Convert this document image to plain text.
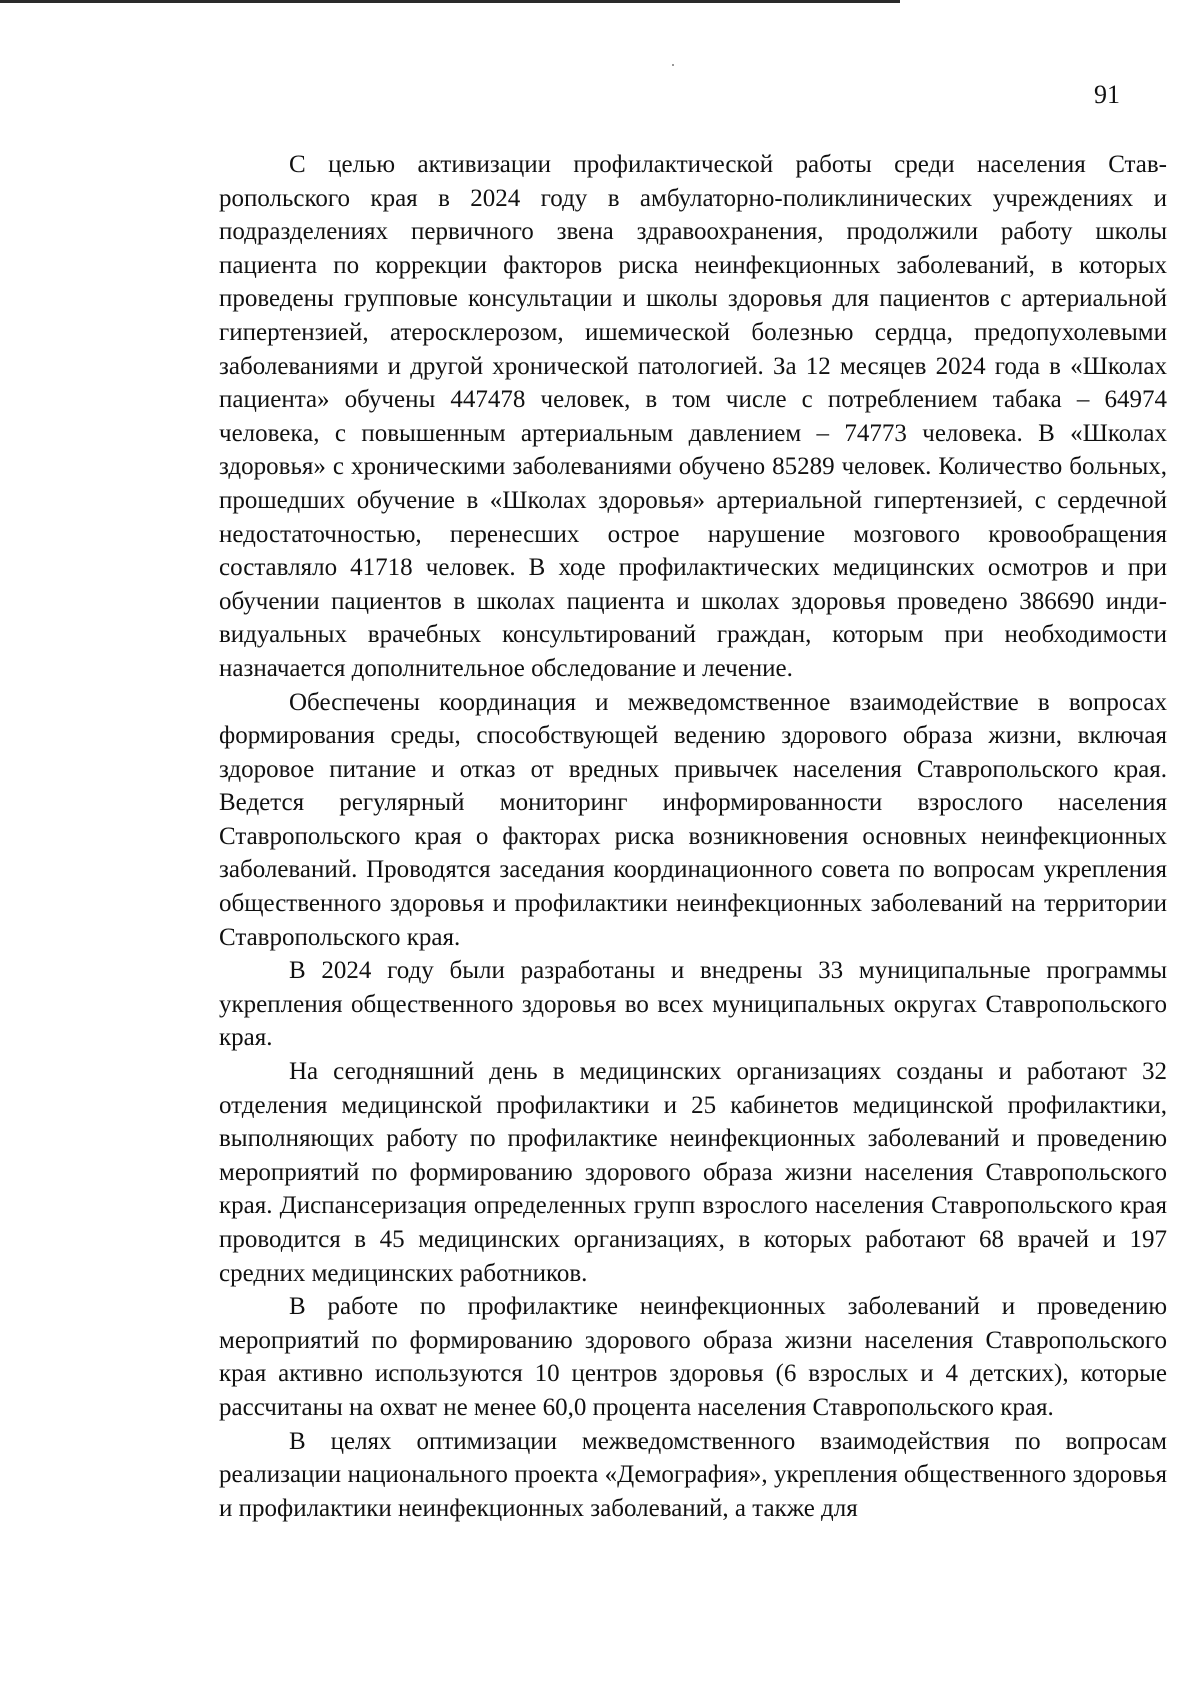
91

С целью активизации профилактической работы среди населения Ставропольского края в 2024 году в амбулаторно-поликлинических учреждениях и подразделениях первичного звена здравоохранения, продолжили работу школы пациента по коррекции факторов риска неинфекционных заболеваний, в которых проведены групповые консультации и школы здоровья для пациентов с артериальной гипертензией, атеросклерозом, ишемической болезнью сердца, предопухолевыми заболеваниями и другой хронической патологией. За 12 месяцев 2024 года в «Школах пациента» обучены 447478 человек, в том числе с потреблением табака – 64974 человека, с повышенным артериальным давлением – 74773 человека. В «Школах здоровья» с хроническими заболеваниями обучено 85289 человек. Количество больных, прошедших обучение в «Школах здоровья» артериальной гипертензией, с сердечной недостаточностью, перенесших острое нарушение мозгового кровообращения составляло 41718 человек. В ходе профилактических медицинских осмотров и при обучении пациентов в школах пациента и школах здоровья проведено 386690 индивидуальных врачебных консультирований граждан, которым при необходимости назначается дополнительное обследование и лечение.

Обеспечены координация и межведомственное взаимодействие в вопросах формирования среды, способствующей ведению здорового образа жизни, включая здоровое питание и отказ от вредных привычек населения Ставропольского края. Ведется регулярный мониторинг информированности взрослого населения Ставропольского края о факторах риска возникновения основных неинфекционных заболеваний. Проводятся заседания координационного совета по вопросам укрепления общественного здоровья и профилактики неинфекционных заболеваний на территории Ставропольского края.

В 2024 году были разработаны и внедрены 33 муниципальные программы укрепления общественного здоровья во всех муниципальных округах Ставропольского края.

На сегодняшний день в медицинских организациях созданы и работают 32 отделения медицинской профилактики и 25 кабинетов медицинской профилактики, выполняющих работу по профилактике неинфекционных заболеваний и проведению мероприятий по формированию здорового образа жизни населения Ставропольского края. Диспансеризация определенных групп взрослого населения Ставропольского края проводится в 45 медицинских организациях, в которых работают 68 врачей и 197 средних медицинских работников.

В работе по профилактике неинфекционных заболеваний и проведению мероприятий по формированию здорового образа жизни населения Ставропольского края активно используются 10 центров здоровья (6 взрослых и 4 детских), которые рассчитаны на охват не менее 60,0 процента населения Ставропольского края.

В целях оптимизации межведомственного взаимодействия по вопросам реализации национального проекта «Демография», укрепления общественного здоровья и профилактики неинфекционных заболеваний, а также для
